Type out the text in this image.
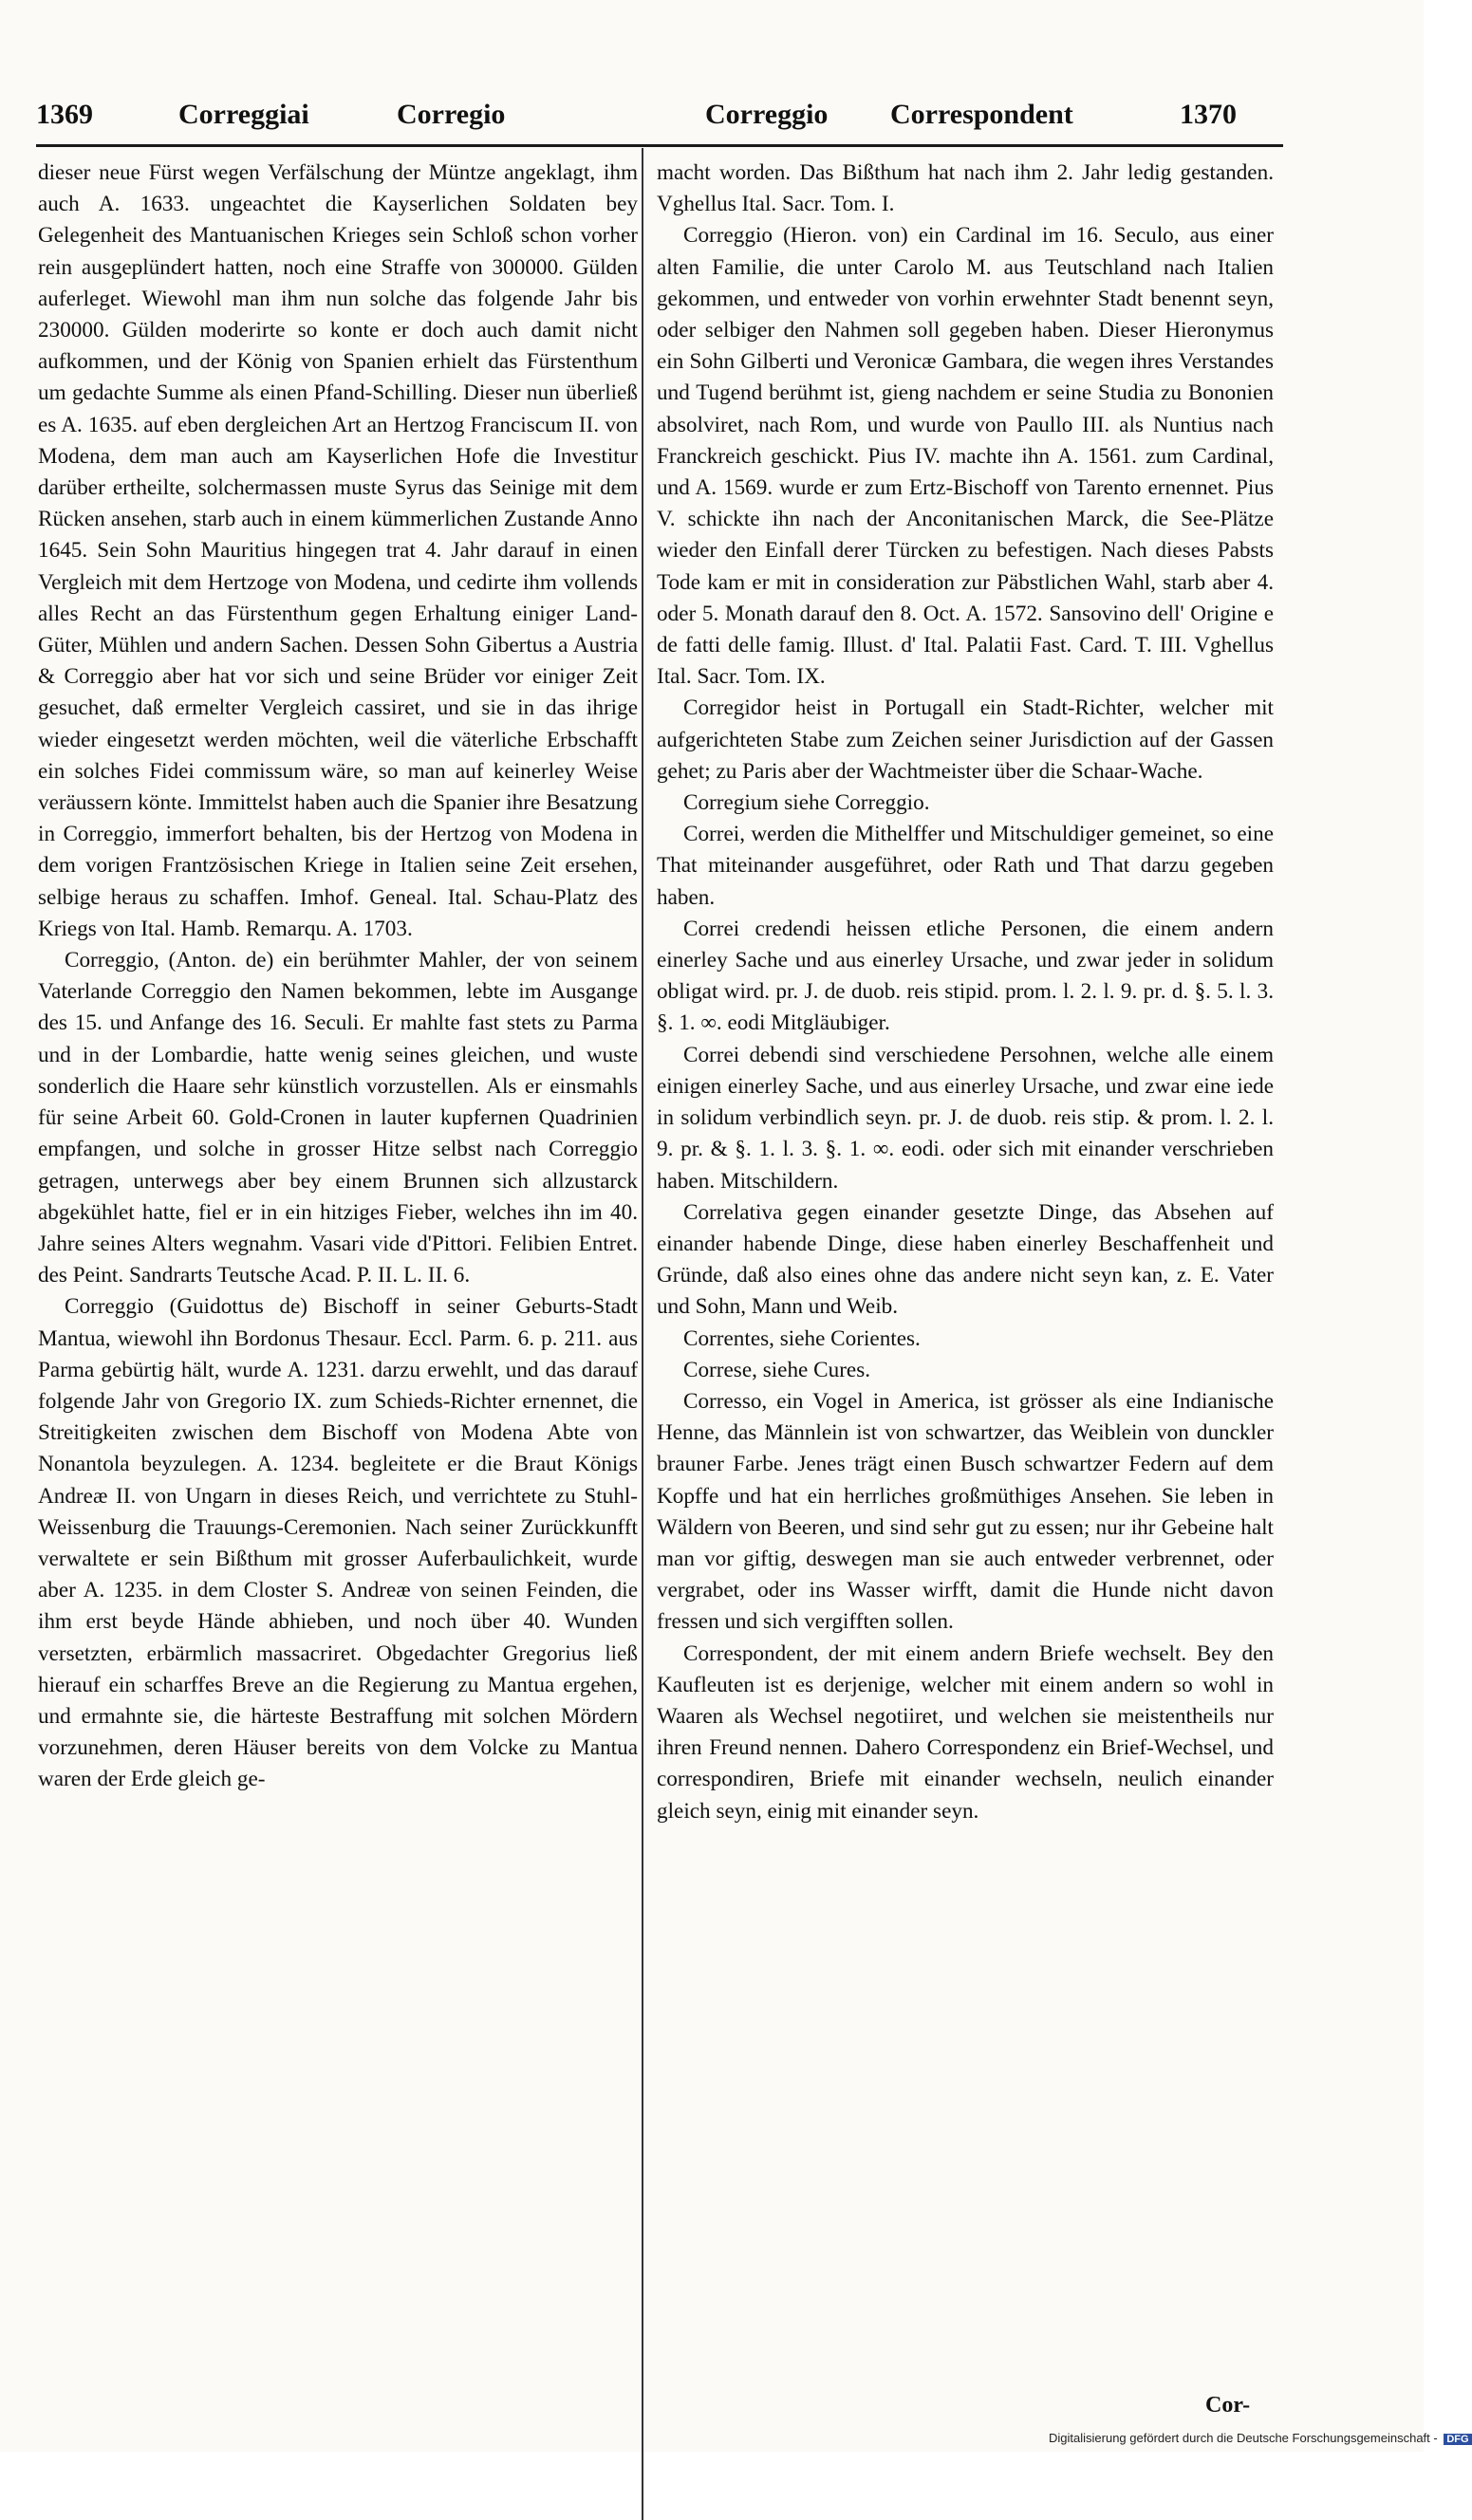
1369	Correggiai	Corregio	Correggio Correspondent	1370

dieser neue Fürst wegen Verfälschung der Müntze angeklagt, ihm auch A. 1633. ungeachtet die Kayserlichen Soldaten bey Gelegenheit des Mantuanischen Krieges sein Schloß schon vorher rein ausgeplündert hatten, noch eine Straffe von 300000. Gülden auferleget. Wiewohl man ihm nun solche das folgende Jahr bis 230000. Gülden moderirte so konte er doch auch damit nicht aufkommen, und der König von Spanien erhielt das Fürstenthum um gedachte Summe als einen Pfand-Schilling. Dieser nun überließ es A. 1635. auf eben dergleichen Art an Hertzog Franciscum II. von Modena, dem man auch am Kayserlichen Hofe die Investitur darüber ertheilte, solchermassen muste Syrus das Seinige mit dem Rücken ansehen, starb auch in einem kümmerlichen Zustande Anno 1645. Sein Sohn Mauritius hingegen trat 4. Jahr darauf in einen Vergleich mit dem Hertzoge von Modena, und cedirte ihm vollends alles Recht an das Fürstenthum gegen Erhaltung einiger Land-Güter, Mühlen und andern Sachen. Dessen Sohn Gibertus a Austria & Correggio aber hat vor sich und seine Brüder vor einiger Zeit gesuchet, daß ermelter Vergleich cassiret, und sie in das ihrige wieder eingesetzt werden möchten, weil die väterliche Erbschafft ein solches Fidei commissum wäre, so man auf keinerley Weise veräussern könte. Immittelst haben auch die Spanier ihre Besatzung in Correggio, immerfort behalten, bis der Hertzog von Modena in dem vorigen Frantzösischen Kriege in Italien seine Zeit ersehen, selbige heraus zu schaffen. Imhof. Geneal. Ital. Schau-Platz des Kriegs von Ital. Hamb. Remarqu. A. 1703.

Correggio, (Anton. de) ein berühmter Mahler, der von seinem Vaterlande Correggio den Namen bekommen, lebte im Ausgange des 15. und Anfange des 16. Seculi. Er mahlte fast stets zu Parma und in der Lombardie, hatte wenig seines gleichen, und wuste sonderlich die Haare sehr künstlich vorzustellen. Als er einsmahls für seine Arbeit 60. Gold-Cronen in lauter kupfernen Quadrinien empfangen, und solche in grosser Hitze selbst nach Correggio getragen, unterwegs aber bey einem Brunnen sich allzustarck abgekühlet hatte, fiel er in ein hitziges Fieber, welches ihn im 40. Jahre seines Alters wegnahm. Vasari vide d'Pittori. Felibien Entret. des Peint. Sandrarts Teutsche Acad. P. II. L. II. 6.

Correggio (Guidottus de) Bischoff in seiner Geburts-Stadt Mantua, wiewohl ihn Bordonus Thesaur. Eccl. Parm. 6. p. 211. aus Parma gebürtig hält, wurde A. 1231. darzu erwehlt, und das darauf folgende Jahr von Gregorio IX. zum Schieds-Richter ernennet, die Streitigkeiten zwischen dem Bischoff von Modena Abte von Nonantola beyzulegen. A. 1234. begleitete er die Braut Königs Andreæ II. von Ungarn in dieses Reich, und verrichtete zu Stuhl-Weissenburg die Trauungs-Ceremonien. Nach seiner Zurückkunfft verwaltete er sein Bißthum mit grosser Auferbaulichkeit, wurde aber A. 1235. in dem Closter S. Andreæ von seinen Feinden, die ihm erst beyde Hände abhieben, und noch über 40. Wunden versetzten, erbärmlich massacriret. Obgedachter Gregorius ließ hierauf ein scharffes Breve an die Regierung zu Mantua ergehen, und ermahnte sie, die härteste Bestraffung mit solchen Mördern vorzunehmen, deren Häuser bereits von dem Volcke zu Mantua waren der Erde gleich ge-

macht worden. Das Bißthum hat nach ihm 2. Jahr ledig gestanden. Vghellus Ital. Sacr. Tom. I.

Correggio (Hieron. von) ein Cardinal im 16. Seculo, aus einer alten Familie, die unter Carolo M. aus Teutschland nach Italien gekommen, und entweder von vorhin erwehnter Stadt benennt seyn, oder selbiger den Nahmen soll gegeben haben. Dieser Hieronymus ein Sohn Gilberti und Veronicæ Gambara, die wegen ihres Verstandes und Tugend berühmt ist, gieng nachdem er seine Studia zu Bononien absolviret, nach Rom, und wurde von Paullo III. als Nuntius nach Franckreich geschickt. Pius IV. machte ihn A. 1561. zum Cardinal, und A. 1569. wurde er zum Ertz-Bischoff von Tarento ernennet. Pius V. schickte ihn nach der Anconitanischen Marck, die See-Plätze wieder den Einfall derer Türcken zu befestigen. Nach dieses Pabsts Tode kam er mit in consideration zur Päbstlichen Wahl, starb aber 4. oder 5. Monath darauf den 8. Oct. A. 1572. Sansovino dell' Origine e de fatti delle famig. Illust. d' Ital. Palatii Fast. Card. T. III. Vghellus Ital. Sacr. Tom. IX.

Corregidor heist in Portugall ein Stadt-Richter, welcher mit aufgerichteten Stabe zum Zeichen seiner Jurisdiction auf der Gassen gehet; zu Paris aber der Wachtmeister über die Schaar-Wache.

Corregium siehe Correggio.

Correi, werden die Mithelffer und Mitschuldiger gemeinet, so eine That miteinander ausgeführet, oder Rath und That darzu gegeben haben.

Correi credendi heissen etliche Personen, die einem andern einerley Sache und aus einerley Ursache, und zwar jeder in solidum obligat wird. pr. J. de duob. reis stipid. prom. l. 2. l. 9. pr. d. §. 5. l. 3. §. 1. ∞. eodi Mitgläubiger.

Correi debendi sind verschiedene Persohnen, welche alle einem einigen einerley Sache, und aus einerley Ursache, und zwar eine iede in solidum verbindlich seyn. pr. J. de duob. reis stip. & prom. l. 2. l. 9. pr. & §. 1. l. 3. §. 1. ∞. eodi. oder sich mit einander verschrieben haben. Mitschildern.

Correlativa gegen einander gesetzte Dinge, das Absehen auf einander habende Dinge, diese haben einerley Beschaffenheit und Gründe, daß also eines ohne das andere nicht seyn kan, z. E. Vater und Sohn, Mann und Weib.

Correntes, siehe Corientes.

Correse, siehe Cures.

Corresso, ein Vogel in America, ist grösser als eine Indianische Henne, das Männlein ist von schwartzer, das Weiblein von dunckler brauner Farbe. Jenes trägt einen Busch schwartzer Federn auf dem Kopffe und hat ein herrliches großmüthiges Ansehen. Sie leben in Wäldern von Beeren, und sind sehr gut zu essen; nur ihr Gebeine halt man vor giftig, deswegen man sie auch entweder verbrennet, oder vergrabet, oder ins Wasser wirfft, damit die Hunde nicht davon fressen und sich vergifften sollen.

Correspondent, der mit einem andern Briefe wechselt. Bey den Kaufleuten ist es derjenige, welcher mit einem andern so wohl in Waaren als Wechsel negotiiret, und welchen sie meistentheils nur ihren Freund nennen. Dahero Correspondenz ein Brief-Wechsel, und correspondiren, Briefe mit einander wechseln, neulich einander gleich seyn, einig mit einander seyn.

Cor-
Digitalisierung gefördert durch die Deutsche Forschungsgemeinschaft - DFG
